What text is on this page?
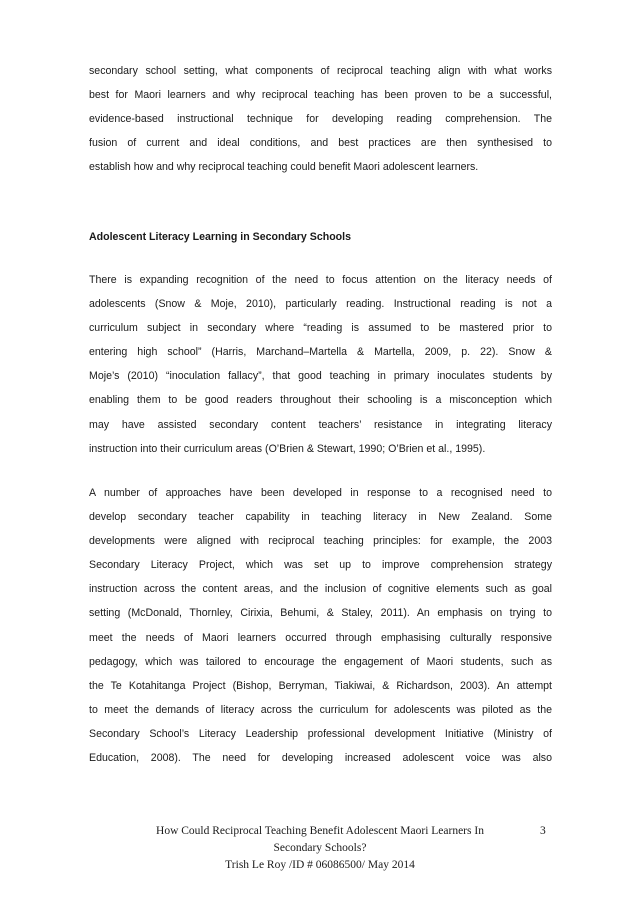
secondary school setting, what components of reciprocal teaching align with what works
best for Maori learners and why reciprocal teaching has been proven to be a successful,
evidence-based instructional technique for developing reading comprehension. The
fusion of current and ideal conditions, and best practices are then synthesised to
establish how and why reciprocal teaching could benefit Maori adolescent learners.
Adolescent Literacy Learning in Secondary Schools
There is expanding recognition of the need to focus attention on the literacy needs of
adolescents (Snow & Moje, 2010), particularly reading. Instructional reading is not a
curriculum subject in secondary where “reading is assumed to be mastered prior to
entering high school” (Harris, Marchand–Martella & Martella, 2009, p. 22). Snow &
Moje’s (2010) “inoculation fallacy”, that good teaching in primary inoculates students by
enabling them to be good readers throughout their schooling is a misconception which
may have assisted secondary content teachers’ resistance in integrating literacy
instruction into their curriculum areas (O’Brien & Stewart, 1990; O’Brien et al., 1995).
A number of approaches have been developed in response to a recognised need to
develop secondary teacher capability in teaching literacy in New Zealand. Some
developments were aligned with reciprocal teaching principles: for example, the 2003
Secondary Literacy Project, which was set up to improve comprehension strategy
instruction across the content areas, and the inclusion of cognitive elements such as goal
setting (McDonald, Thornley, Cirixia, Behumi, & Staley, 2011). An emphasis on trying to
meet the needs of Maori learners occurred through emphasising culturally responsive
pedagogy, which was tailored to encourage the engagement of Maori students, such as
the Te Kotahitanga Project (Bishop, Berryman, Tiakiwai, & Richardson, 2003). An attempt
to meet the demands of literacy across the curriculum for adolescents was piloted as the
Secondary School’s Literacy Leadership professional development Initiative (Ministry of
Education, 2008). The need for developing increased adolescent voice was also
How Could Reciprocal Teaching Benefit Adolescent Maori Learners In
Secondary Schools?
Trish Le Roy /ID # 06086500/ May 2014
3
